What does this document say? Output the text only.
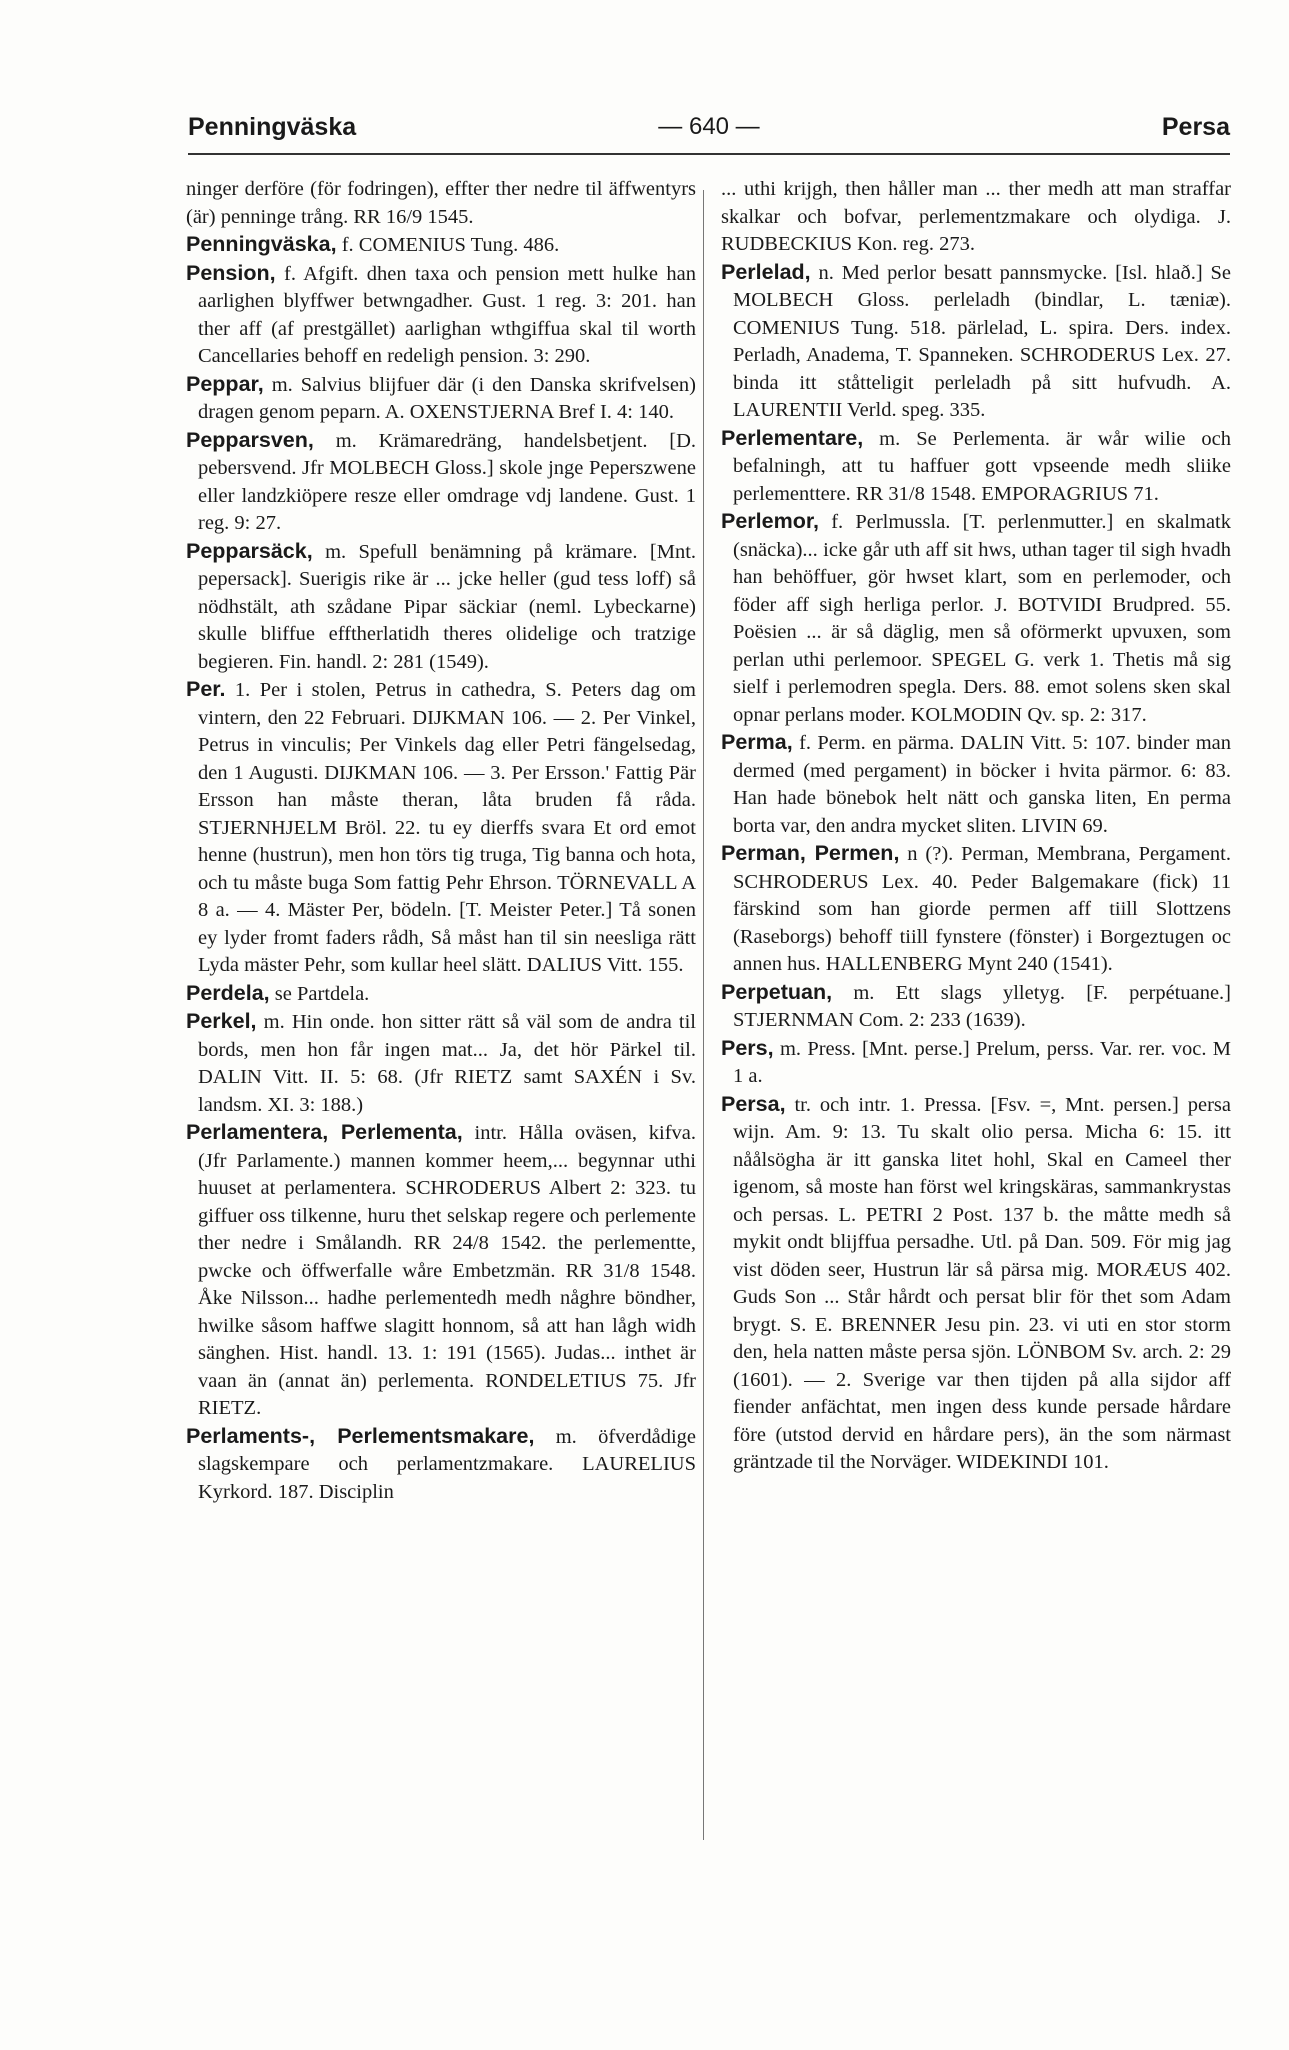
Penningväska	— 640 —	Persa

ninger derföre (för fodringen), effter ther nedre til äffwentyrs (är) penninge trång. RR 16/9 1545.

Penningväska, f. COMENIUS Tung. 486.

Pension, f. Afgift. dhen taxa och pension mett hulke han aarlighen blyffwer betwngadher. Gust. 1 reg. 3: 201. han ther aff (af prestgället) aarlighan wthgiffua skal til worth Cancellaries behoff en redeligh pension. 3: 290.

Peppar, m. Salvius blijfuer där (i den Danska skrifvelsen) dragen genom peparn. A. OXENSTJERNA Bref I. 4: 140.

Pepparsven, m. Krämaredräng, handelsbetjent. [D. pebersvend. Jfr MOLBECH Gloss.] skole jnge Peperszwene eller landzkiöpere resze eller omdrage vdj landene. Gust. 1 reg. 9: 27.

Pepparsäck, m. Spefull benämning på krämare. [Mnt. pepersack]. Suerigis rike är ... jcke heller (gud tess loff) så nödhstält, ath szådane Pipar säckiar (neml. Lybeckarne) skulle bliffue efftherlatidh theres olidelige och tratzige begieren. Fin. handl. 2: 281 (1549).

Per. 1. Per i stolen, Petrus in cathedra, S. Peters dag om vintern, den 22 Februari. DIJKMAN 106. — 2. Per Vinkel, Petrus in vinculis; Per Vinkels dag eller Petri fängelsedag, den 1 Augusti. DIJKMAN 106. — 3. Per Ersson.' Fattig Pär Ersson han måste theran, låta bruden få råda. STJERNHJELM Bröl. 22. tu ey dierffs svara Et ord emot henne (hustrun), men hon törs tig truga, Tig banna och hota, och tu måste buga Som fattig Pehr Ehrson. TÖRNEVALL A 8 a. — 4. Mäster Per, bödeln. [T. Meister Peter.] Tå sonen ey lyder fromt faders rådh, Så måst han til sin neesliga rätt Lyda mäster Pehr, som kullar heel slätt. DALIUS Vitt. 155.

Perdela, se Partdela.

Perkel, m. Hin onde. hon sitter rätt så väl som de andra til bords, men hon får ingen mat... Ja, det hör Pärkel til. DALIN Vitt. II. 5: 68. (Jfr RIETZ samt SAXÉN i Sv. landsm. XI. 3: 188.)

Perlamentera, Perlementa, intr. Hålla oväsen, kifva. (Jfr Parlamente.) mannen kommer heem,... begynnar uthi huuset at perlamentera. SCHRODERUS Albert 2: 323. tu giffuer oss tilkenne, huru thet selskap regere och perlemente ther nedre i Smålandh. RR 24/8 1542. the perlementte, pwcke och öffwerfalle wåre Embetzmän. RR 31/8 1548. Åke Nilsson... hadhe perlementedh medh någhre böndher, hwilke såsom haffwe slagitt honnom, så att han lågh widh sänghen. Hist. handl. 13. 1: 191 (1565). Judas... inthet är vaan än (annat än) perlementa. RONDELETIUS 75. Jfr RIETZ.

Perlaments-, Perlementsmakare, m. öfverdådige slagskempare och perlamentzmakare. LAURELIUS Kyrkord. 187. Disciplin

... uthi krijgh, then håller man ... ther medh att man straffar skalkar och bofvar, perlementzmakare och olydiga. J. RUDBECKIUS Kon. reg. 273.

Perlelad, n. Med perlor besatt pannsmycke. [Isl. hlað.] Se MOLBECH Gloss. perleladh (bindlar, L. tæniæ). COMENIUS Tung. 518. pärlelad, L. spira. Ders. index. Perladh, Anadema, T. Spanneken. SCHRODERUS Lex. 27. binda itt ståtteligit perleladh på sitt hufvudh. A. LAURENTII Verld. speg. 335.

Perlementare, m. Se Perlementa. är wår wilie och befalningh, att tu haffuer gott vpseende medh sliike perlementtere. RR 31/8 1548. EMPORAGRIUS 71.

Perlemor, f. Perlmussla. [T. perlenmutter.] en skalmatk (snäcka)... icke går uth aff sit hws, uthan tager til sigh hvadh han behöffuer, gör hwset klart, som en perlemoder, och föder aff sigh herliga perlor. J. BOTVIDI Brudpred. 55. Poësien ... är så däglig, men så oförmerkt upvuxen, som perlan uthi perlemoor. SPEGEL G. verk 1. Thetis må sig sielf i perlemodren spegla. Ders. 88. emot solens sken skal opnar perlans moder. KOLMODIN Qv. sp. 2: 317.

Perma, f. Perm. en pärma. DALIN Vitt. 5: 107. binder man dermed (med pergament) in böcker i hvita pärmor. 6: 83. Han hade bönebok helt nätt och ganska liten, En perma borta var, den andra mycket sliten. LIVIN 69.

Perman, Permen, n (?). Perman, Membrana, Pergament. SCHRODERUS Lex. 40. Peder Balgemakare (fick) 11 färskind som han giorde permen aff tiill Slottzens (Raseborgs) behoff tiill fynstere (fönster) i Borgeztugen oc annen hus. HALLENBERG Mynt 240 (1541).

Perpetuan, m. Ett slags ylletyg. [F. perpétuane.] STJERNMAN Com. 2: 233 (1639).

Pers, m. Press. [Mnt. perse.] Prelum, perss. Var. rer. voc. M 1 a.

Persa, tr. och intr. 1. Pressa. [Fsv. =, Mnt. persen.] persa wijn. Am. 9: 13. Tu skalt olio persa. Micha 6: 15. itt nåålsögha är itt ganska litet hohl, Skal en Cameel ther igenom, så moste han först wel kringskäras, sammankrystas och persas. L. PETRI 2 Post. 137 b. the måtte medh så mykit ondt blijffua persadhe. Utl. på Dan. 509. För mig jag vist döden seer, Hustrun lär så pärsa mig. MORÆUS 402. Guds Son ... Står hårdt och persat blir för thet som Adam brygt. S. E. BRENNER Jesu pin. 23. vi uti en stor storm den, hela natten måste persa sjön. LÖNBOM Sv. arch. 2: 29 (1601). — 2. Sverige var then tijden på alla sijdor aff fiender anfächtat, men ingen dess kunde persade hårdare före (utstod dervid en hårdare pers), än the som närmast gräntzade til the Norväger. WIDEKINDI 101.
